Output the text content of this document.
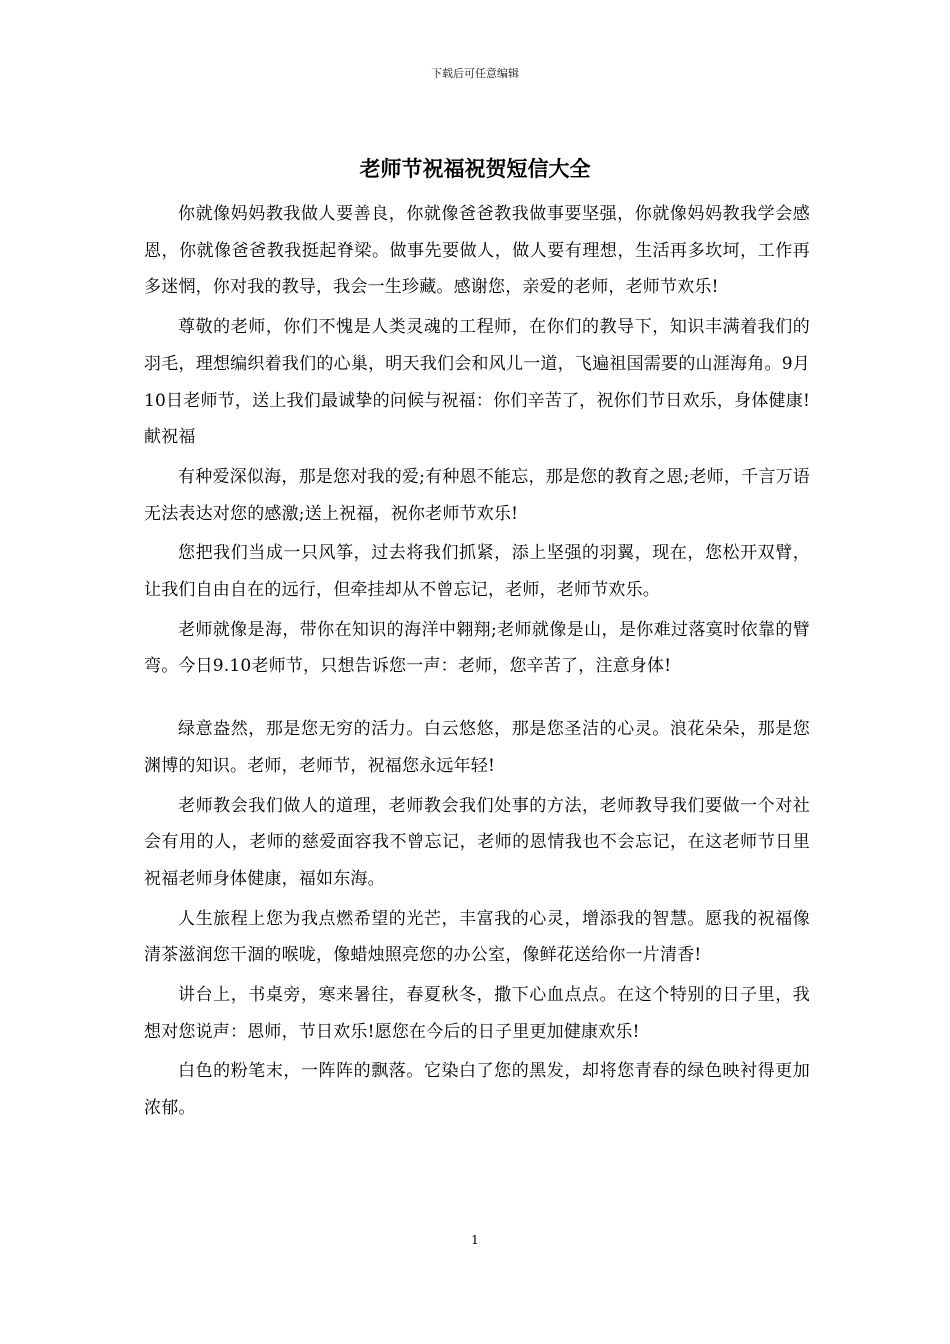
下载后可任意编辑
老师节祝福祝贺短信大全

你就像妈妈教我做人要善良，你就像爸爸教我做事要坚强，你就像妈妈教我学会感恩，你就像爸爸教我挺起脊梁。做事先要做人，做人要有理想，生活再多坎坷，工作再多迷惘，你对我的教导，我会一生珍藏。感谢您，亲爱的老师，老师节欢乐!

尊敬的老师，你们不愧是人类灵魂的工程师，在你们的教导下，知识丰满着我们的羽毛，理想编织着我们的心巢，明天我们会和风儿一道，飞遍祖国需要的山涯海角。9月10日老师节，送上我们最诚挚的问候与祝福：你们辛苦了，祝你们节日欢乐，身体健康!献祝福

有种爱深似海，那是您对我的爱;有种恩不能忘，那是您的教育之恩;老师，千言万语无法表达对您的感激;送上祝福，祝你老师节欢乐!

您把我们当成一只风筝，过去将我们抓紧，添上坚强的羽翼，现在，您松开双臂，让我们自由自在的远行，但牵挂却从不曾忘记，老师，老师节欢乐。

老师就像是海，带你在知识的海洋中翱翔;老师就像是山，是你难过落寞时依靠的臂弯。今日9.10老师节，只想告诉您一声：老师，您辛苦了，注意身体!

绿意盎然，那是您无穷的活力。白云悠悠，那是您圣洁的心灵。浪花朵朵，那是您渊博的知识。老师，老师节，祝福您永远年轻!

老师教会我们做人的道理，老师教会我们处事的方法，老师教导我们要做一个对社会有用的人，老师的慈爱面容我不曾忘记，老师的恩情我也不会忘记，在这老师节日里祝福老师身体健康，福如东海。

人生旅程上您为我点燃希望的光芒，丰富我的心灵，增添我的智慧。愿我的祝福像清茶滋润您干涸的喉咙，像蜡烛照亮您的办公室，像鲜花送给你一片清香!

讲台上，书桌旁，寒来暑往，春夏秋冬，撒下心血点点。在这个特别的日子里，我想对您说声：恩师，节日欢乐!愿您在今后的日子里更加健康欢乐!

白色的粉笔末，一阵阵的飘落。它染白了您的黑发，却将您青春的绿色映衬得更加浓郁。

1
